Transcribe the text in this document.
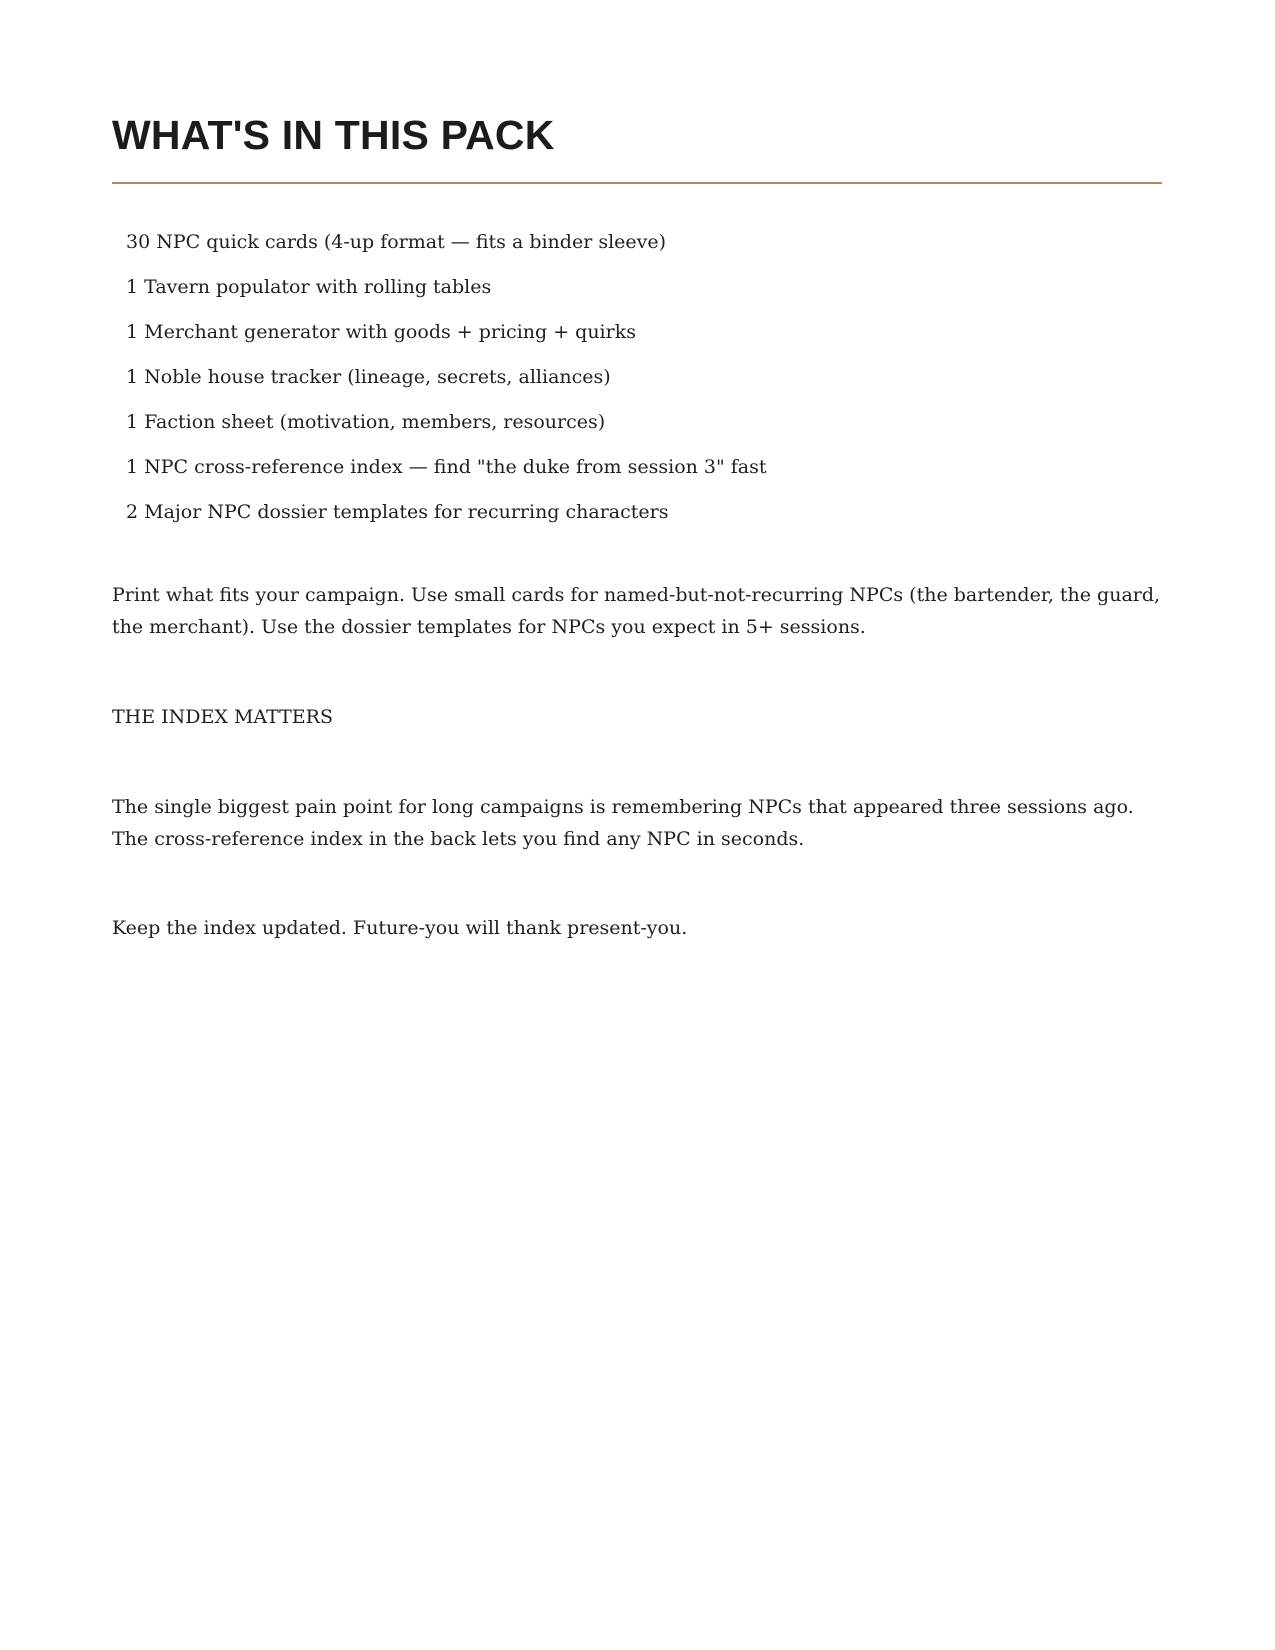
WHAT'S IN THIS PACK
30 NPC quick cards (4-up format — fits a binder sleeve)
1 Tavern populator with rolling tables
1 Merchant generator with goods + pricing + quirks
1 Noble house tracker (lineage, secrets, alliances)
1 Faction sheet (motivation, members, resources)
1 NPC cross-reference index — find "the duke from session 3" fast
2 Major NPC dossier templates for recurring characters

Print what fits your campaign. Use small cards for named-but-not-recurring NPCs (the bartender, the guard, the merchant). Use the dossier templates for NPCs you expect in 5+ sessions.

THE INDEX MATTERS

The single biggest pain point for long campaigns is remembering NPCs that appeared three sessions ago. The cross-reference index in the back lets you find any NPC in seconds.

Keep the index updated. Future-you will thank present-you.
